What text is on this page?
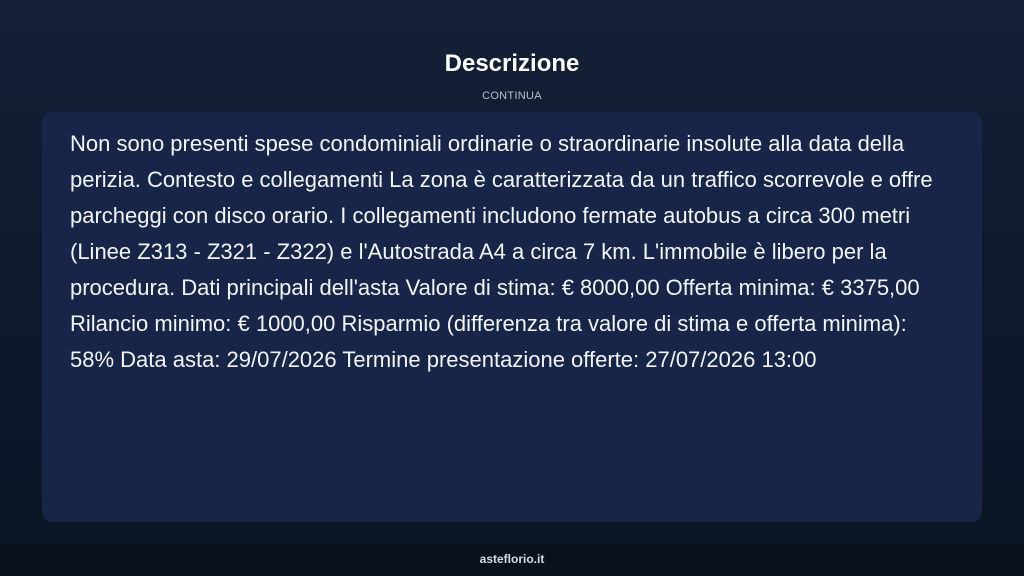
Descrizione
CONTINUA

Non sono presenti spese condominiali ordinarie o straordinarie insolute alla data della perizia. Contesto e collegamenti La zona è caratterizzata da un traffico scorrevole e offre parcheggi con disco orario. I collegamenti includono fermate autobus a circa 300 metri (Linee Z313 - Z321 - Z322) e l'Autostrada A4 a circa 7 km. L'immobile è libero per la procedura. Dati principali dell'asta Valore di stima: € 8000,00 Offerta minima: € 3375,00 Rilancio minimo: € 1000,00 Risparmio (differenza tra valore di stima e offerta minima): 58% Data asta: 29/07/2026 Termine presentazione offerte: 27/07/2026 13:00

asteflorio.it
